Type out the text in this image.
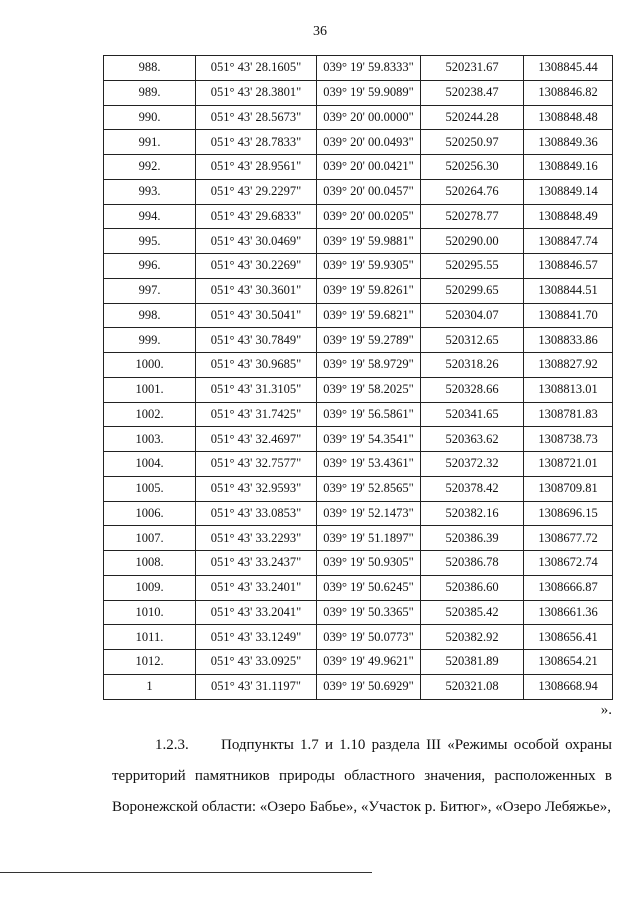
36
988.	051° 43' 28.1605"	039° 19' 59.8333"	520231.67	1308845.44
989.	051° 43' 28.3801"	039° 19' 59.9089"	520238.47	1308846.82
990.	051° 43' 28.5673"	039° 20' 00.0000"	520244.28	1308848.48
991.	051° 43' 28.7833"	039° 20' 00.0493"	520250.97	1308849.36
992.	051° 43' 28.9561"	039° 20' 00.0421"	520256.30	1308849.16
993.	051° 43' 29.2297"	039° 20' 00.0457"	520264.76	1308849.14
994.	051° 43' 29.6833"	039° 20' 00.0205"	520278.77	1308848.49
995.	051° 43' 30.0469"	039° 19' 59.9881"	520290.00	1308847.74
996.	051° 43' 30.2269"	039° 19' 59.9305"	520295.55	1308846.57
997.	051° 43' 30.3601"	039° 19' 59.8261"	520299.65	1308844.51
998.	051° 43' 30.5041"	039° 19' 59.6821"	520304.07	1308841.70
999.	051° 43' 30.7849"	039° 19' 59.2789"	520312.65	1308833.86
1000.	051° 43' 30.9685"	039° 19' 58.9729"	520318.26	1308827.92
1001.	051° 43' 31.3105"	039° 19' 58.2025"	520328.66	1308813.01
1002.	051° 43' 31.7425"	039° 19' 56.5861"	520341.65	1308781.83
1003.	051° 43' 32.4697"	039° 19' 54.3541"	520363.62	1308738.73
1004.	051° 43' 32.7577"	039° 19' 53.4361"	520372.32	1308721.01
1005.	051° 43' 32.9593"	039° 19' 52.8565"	520378.42	1308709.81
1006.	051° 43' 33.0853"	039° 19' 52.1473"	520382.16	1308696.15
1007.	051° 43' 33.2293"	039° 19' 51.1897"	520386.39	1308677.72
1008.	051° 43' 33.2437"	039° 19' 50.9305"	520386.78	1308672.74
1009.	051° 43' 33.2401"	039° 19' 50.6245"	520386.60	1308666.87
1010.	051° 43' 33.2041"	039° 19' 50.3365"	520385.42	1308661.36
1011.	051° 43' 33.1249"	039° 19' 50.0773"	520382.92	1308656.41
1012.	051° 43' 33.0925"	039° 19' 49.9621"	520381.89	1308654.21
1	051° 43' 31.1197"	039° 19' 50.6929"	520321.08	1308668.94
».
1.2.3. Подпункты 1.7 и 1.10 раздела III «Режимы особой охраны территорий памятников природы областного значения, расположенных в Воронежской области: «Озеро Бабье», «Участок р. Битюг», «Озеро Лебяжье»,
